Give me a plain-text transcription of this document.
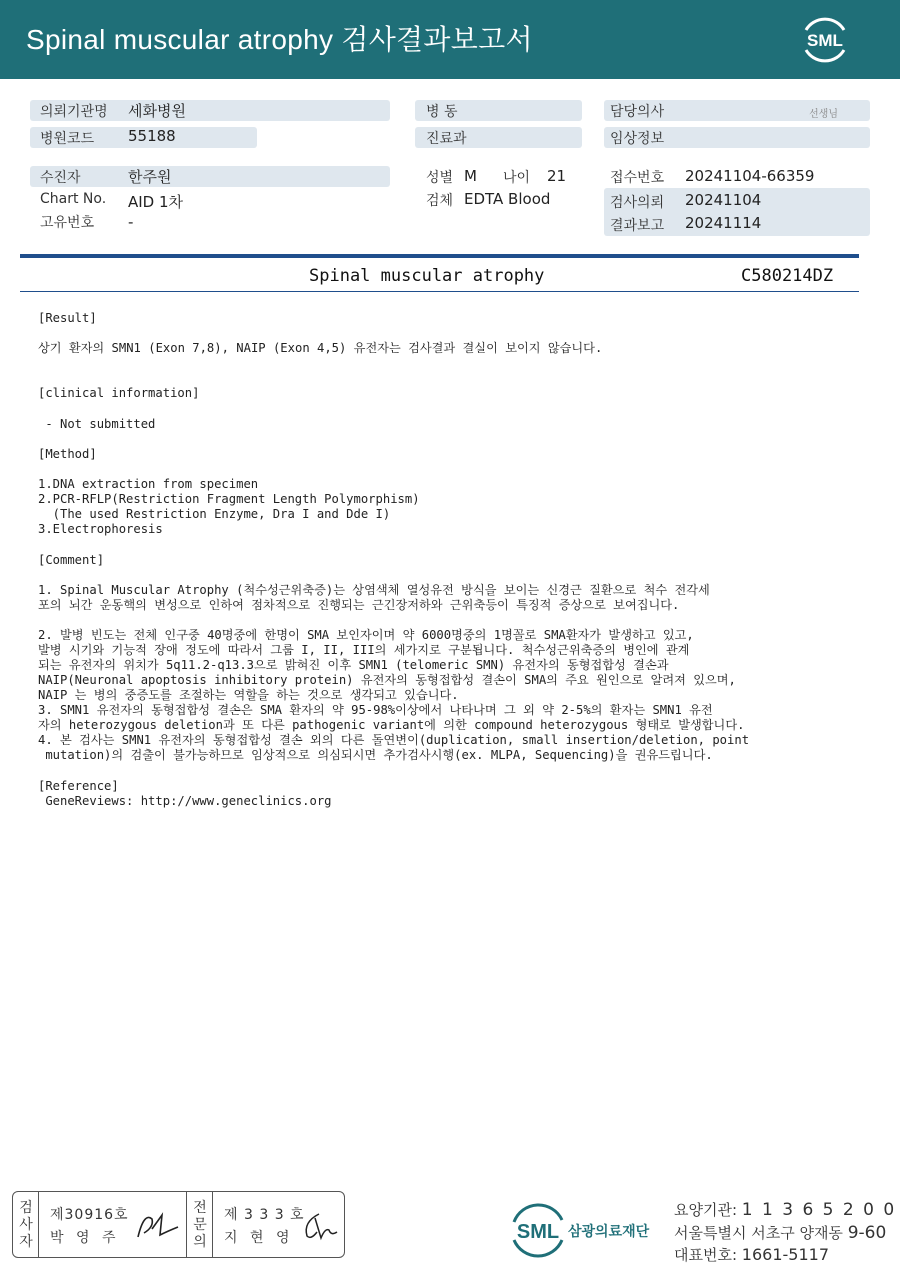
Spinal muscular atrophy 검사결과보고서	SML
의뢰기관명 세화병원
병원코드 55188
수진자	한주원
Chart No. AID 1차
고유번호 -
병 동
진료과
성별 M 나이 21
검체 EDTA Blood
담당의사	선생님
임상정보
접수번호 20241104-66359
검사의뢰 20241104
결과보고 20241114
Spinal muscular atrophy	C580214DZ
[Result]
상기 환자의 SMN1 (Exon 7,8), NAIP (Exon 4,5) 유전자는 검사결과 결실이 보이지 않습니다.
[clinical information]
- Not submitted
[Method]
1.DNA extraction from specimen
2.PCR-RFLP(Restriction Fragment Length Polymorphism)
(The used Restriction Enzyme, Dra I and Dde I)
3.Electrophoresis
[Comment]
1. Spinal Muscular Atrophy (척수성근위축증)는 상염색체 열성유전 방식을 보이는 신경근 질환으로 척수 전각세
포의 뇌간 운동핵의 변성으로 인하여 점차적으로 진행되는 근긴장저하와 근위축등이 특징적 증상으로 보여집니다.
2. 발병 빈도는 전체 인구중 40명중에 한명이 SMA 보인자이며 약 6000명중의 1명꼴로 SMA환자가 발생하고 있고,
발병 시기와 기능적 장애 정도에 따라서 그룹 I, II, III의 세가지로 구분됩니다. 척수성근위축증의 병인에 관계
되는 유전자의 위치가 5q11.2-q13.3으로 밝혀진 이후 SMN1 (telomeric SMN) 유전자의 동형접합성 결손과
NAIP(Neuronal apoptosis inhibitory protein) 유전자의 동형접합성 결손이 SMA의 주요 원인으로 알려져 있으며,
NAIP 는 병의 중증도를 조절하는 역할을 하는 것으로 생각되고 있습니다.
3. SMN1 유전자의 동형접합성 결손은 SMA 환자의 약 95-98%이상에서 나타나며 그 외 약 2-5%의 환자는 SMN1 유전
자의 heterozygous deletion과 또 다른 pathogenic variant에 의한 compound heterozygous 형태로 발생합니다.
4. 본 검사는 SMN1 유전자의 동형접합성 결손 외의 다른 돌연변이(duplication, small insertion/deletion, point
mutation)의 검출이 불가능하므로 임상적으로 의심되시면 추가검사시행(ex. MLPA, Sequencing)을 권유드립니다.
[Reference]
GeneReviews: http://www.geneclinics.org
검
사
자
제30916호
박 영 주
전
문
의
제 3 3 3 호
지 현 영	SML 삼광의료재단
요양기관: 1 1 3 6 5 2 0 0
서울특별시 서초구 양재동 9-60
대표번호: 1661-5117
